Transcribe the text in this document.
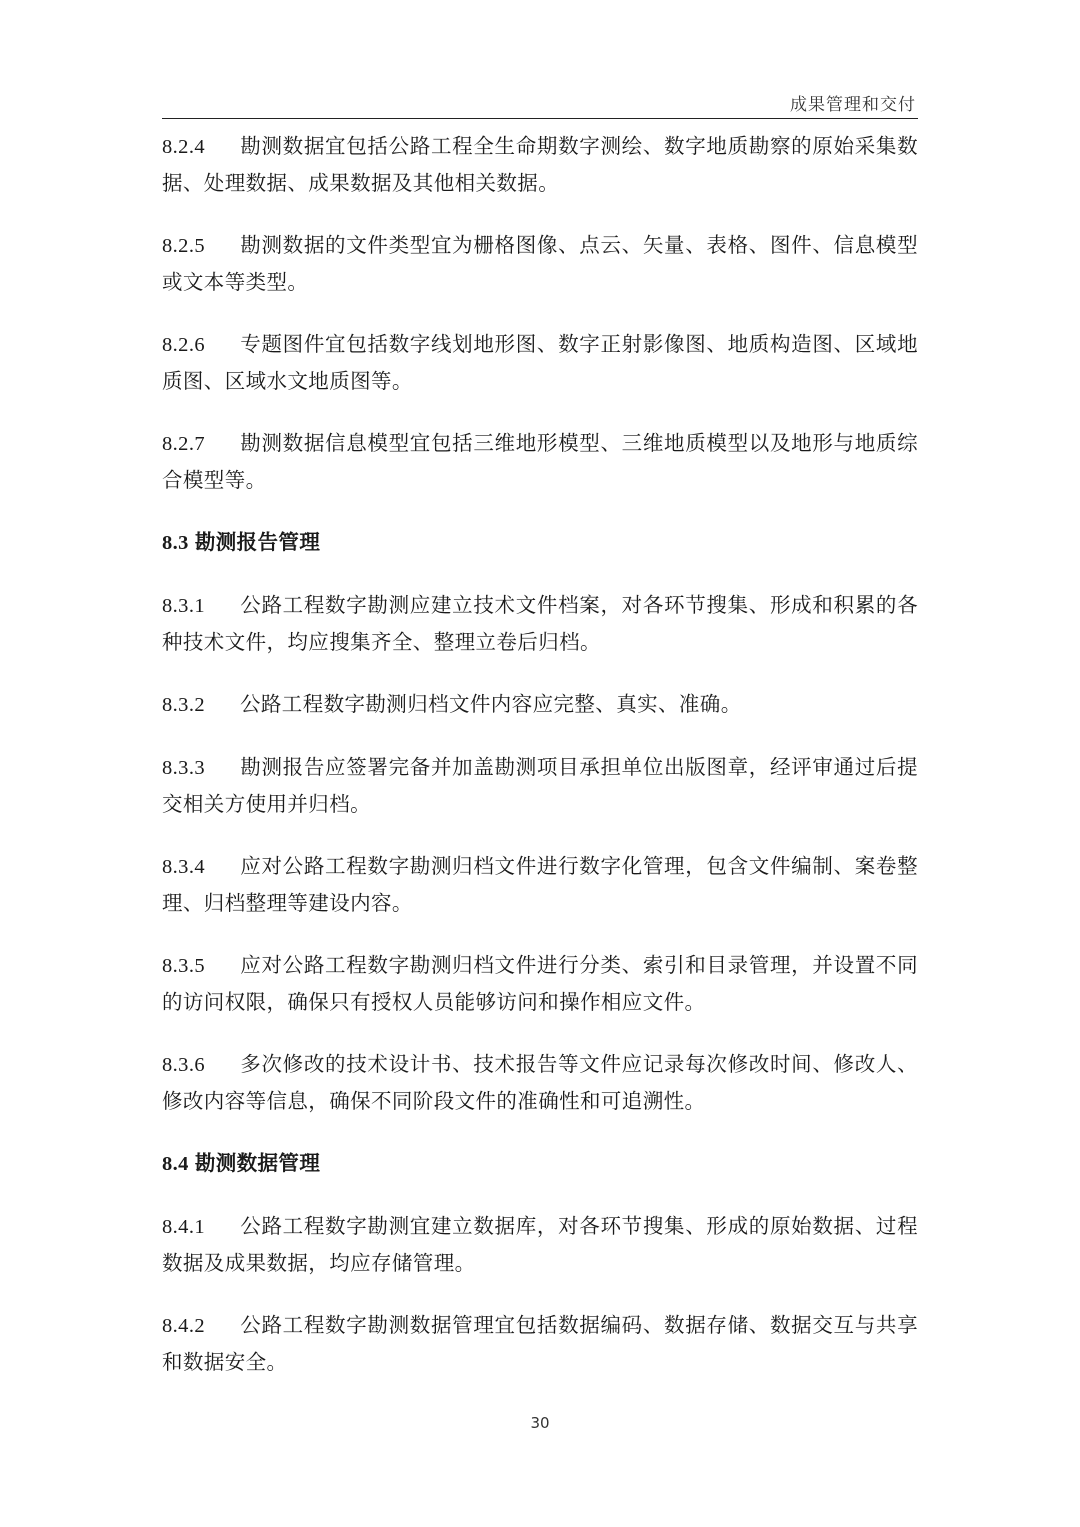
成果管理和交付

8.2.4 勘测数据宜包括公路工程全生命期数字测绘、数字地质勘察的原始采集数据、处理数据、成果数据及其他相关数据。

8.2.5 勘测数据的文件类型宜为栅格图像、点云、矢量、表格、图件、信息模型或文本等类型。

8.2.6 专题图件宜包括数字线划地形图、数字正射影像图、地质构造图、区域地质图、区域水文地质图等。

8.2.7 勘测数据信息模型宜包括三维地形模型、三维地质模型以及地形与地质综合模型等。

8.3 勘测报告管理

8.3.1 公路工程数字勘测应建立技术文件档案，对各环节搜集、形成和积累的各种技术文件，均应搜集齐全、整理立卷后归档。

8.3.2 公路工程数字勘测归档文件内容应完整、真实、准确。

8.3.3 勘测报告应签署完备并加盖勘测项目承担单位出版图章，经评审通过后提交相关方使用并归档。

8.3.4 应对公路工程数字勘测归档文件进行数字化管理，包含文件编制、案卷整理、归档整理等建设内容。

8.3.5 应对公路工程数字勘测归档文件进行分类、索引和目录管理，并设置不同的访问权限，确保只有授权人员能够访问和操作相应文件。

8.3.6 多次修改的技术设计书、技术报告等文件应记录每次修改时间、修改人、修改内容等信息，确保不同阶段文件的准确性和可追溯性。

8.4 勘测数据管理

8.4.1 公路工程数字勘测宜建立数据库，对各环节搜集、形成的原始数据、过程数据及成果数据，均应存储管理。

8.4.2 公路工程数字勘测数据管理宜包括数据编码、数据存储、数据交互与共享和数据安全。

30
